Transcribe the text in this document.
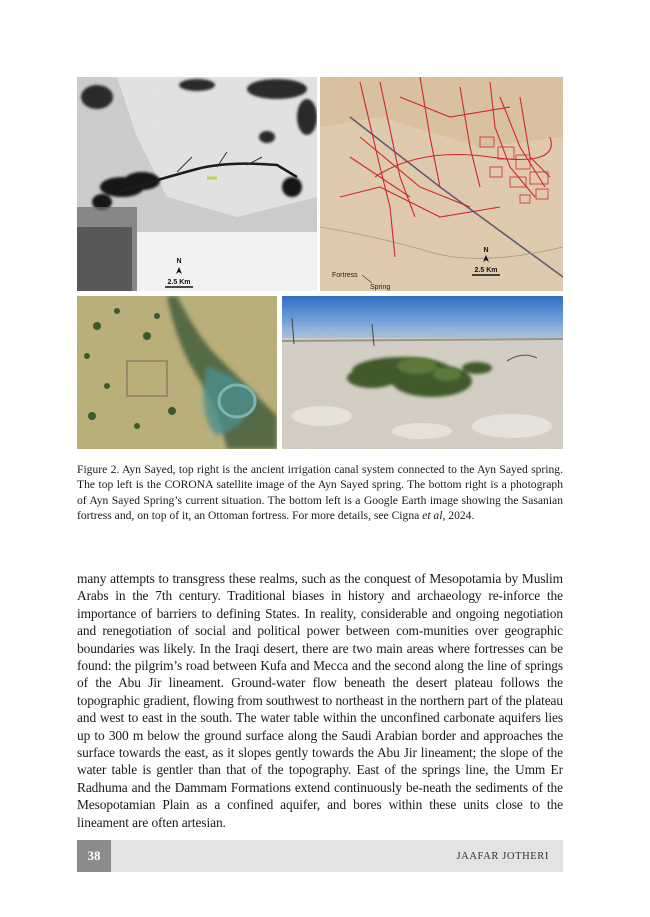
N
2.5 Km
Fortress
Spring
N
2.5 Km

Figure 2. Ayn Sayed, top right is the ancient irrigation canal system connected to the Ayn Sayed spring. The top left is the CORONA satellite image of the Ayn Sayed spring. The bottom right is a photograph of Ayn Sayed Spring’s current situation. The bottom left is a Google Earth image showing the Sasanian fortress and, on top of it, an Ottoman fortress. For more details, see Cigna et al, 2024.

many attempts to transgress these realms, such as the conquest of Mesopotamia by Muslim Arabs in the 7th century. Traditional biases in history and archaeology re-inforce the importance of barriers to defining States. In reality, considerable and ongoing negotiation and renegotiation of social and political power between com-munities over geographic boundaries was likely. In the Iraqi desert, there are two main areas where fortresses can be found: the pilgrim’s road between Kufa and Mecca and the second along the line of springs of the Abu Jir lineament. Ground-water flow beneath the desert plateau follows the topographic gradient, flowing from southwest to northeast in the northern part of the plateau and west to east in the south. The water table within the unconfined carbonate aquifers lies up to 300 m below the ground surface along the Saudi Arabian border and approaches the surface towards the east, as it slopes gently towards the Abu Jir lineament; the slope of the water table is gentler than that of the topography. East of the springs line, the Umm Er Radhuma and the Dammam Formations extend continuously be-neath the sediments of the Mesopotamian Plain as a confined aquifer, and bores within these units close to the lineament are often artesian.

38	JAAFAR JOTHERI
